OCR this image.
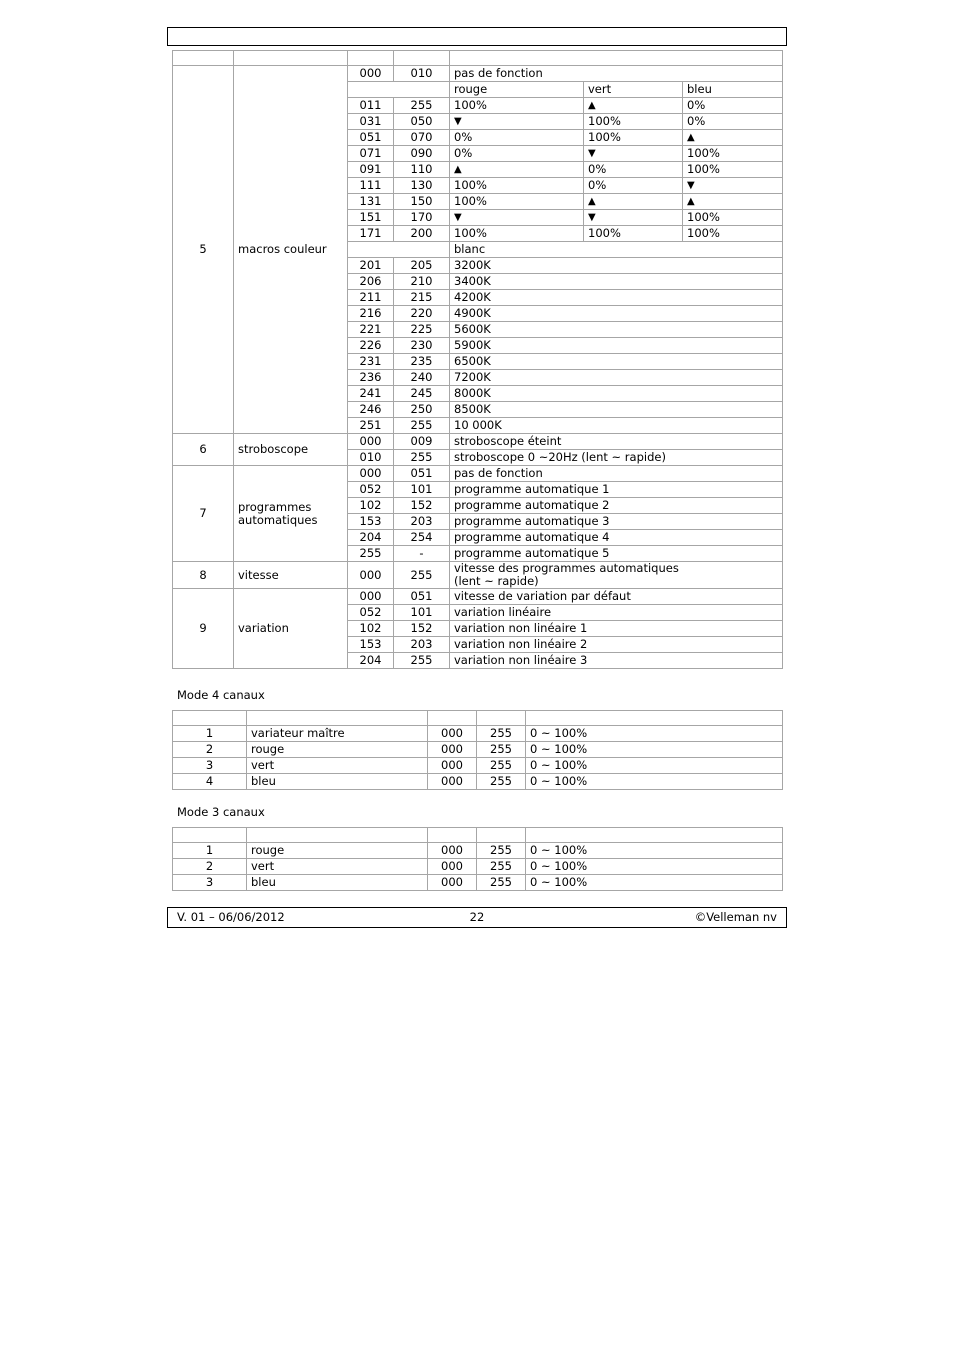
5	macros couleur	000	010	pas de fonction		
				rouge	vert	bleu
		011	255	100%	▲	0%
		031	050	▼	100%	0%
		051	070	0%	100%	▲
		071	090	0%	▼	100%
		091	110	▲	0%	100%
		111	130	100%	0%	▼
		131	150	100%	▲	▲
		151	170	▼	▼	100%
		171	200	100%	100%	100%
				blanc		
		201	205	3200K		
		206	210	3400K		
		211	215	4200K		
		216	220	4900K		
		221	225	5600K		
		226	230	5900K		
		231	235	6500K		
		236	240	7200K		
		241	245	8000K		
		246	250	8500K		
		251	255	10 000K		
6	stroboscope	000	009	stroboscope éteint		
		010	255	stroboscope 0 ~20Hz (lent ~ rapide)		
7	programmes
automatiques	000	051	pas de fonction		
		052	101	programme automatique 1		
		102	152	programme automatique 2		
		153	203	programme automatique 3		
		204	254	programme automatique 4		
		255	-	programme automatique 5		
8	vitesse	000	255	vitesse des programmes automatiques
(lent ~ rapide)		

9	variation	000	051	vitesse de variation par défaut		
		052	101	variation linéaire		
		102	152	variation non linéaire 1		
		153	203	variation non linéaire 2		
		204	255	variation non linéaire 3		
Mode 4 canaux

1	variateur maître	000	255	0 ~ 100%
2	rouge	000	255	0 ~ 100%
3	vert	000	255	0 ~ 100%
4	bleu	000	255	0 ~ 100%
Mode 3 canaux

1	rouge	000	255	0 ~ 100%
2	vert	000	255	0 ~ 100%
3	bleu	000	255	0 ~ 100%
V. 01 – 06/06/2012	22	©Velleman nv
